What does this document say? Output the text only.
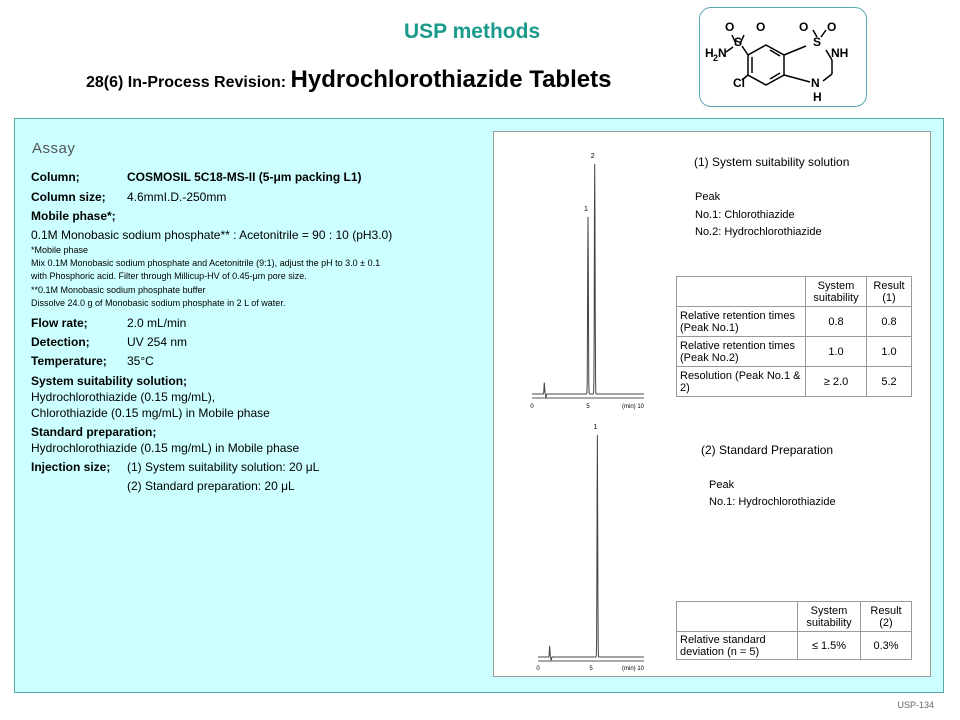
USP methods
28(6) In-Process Revision: Hydrochlorothiazide Tablets
O O
S
O O
S
H 2 N	NH
Cl	N
H
Assay
Column;	COSMOSIL 5C18-MS-II (5-μm packing L1)
Column size; 4.6mmI.D.-250mm
Mobile phase*;
0.1M Monobasic sodium phosphate** : Acetonitrile = 90 : 10 (pH3.0)
*Mobile phase
Mix 0.1M Monobasic sodium phosphate and Acetonitrile (9:1), adjust the pH to 3.0 ± 0.1
with Phosphoric acid. Filter through Millicup-HV of 0.45-μm pore size.
**0.1M Monobasic sodium phosphate buffer
Dissolve 24.0 g of Monobasic sodium phosphate in 2 L of water.
Flow rate;	2.0 mL/min
Detection;	UV 254 nm
Temperature; 35°C
System suitability solution;
Hydrochlorothiazide (0.15 mg/mL),
Chlorothiazide (0.15 mg/mL) in Mobile phase
Standard preparation;
Hydrochlorothiazide (0.15 mg/mL) in Mobile phase
Injection size; (1) System suitability solution: 20 μL
(2) Standard preparation: 20 μL
1
2
0	5	(min) 10
1
0	5	(min) 10
(1) System suitability solution
Peak
No.1: Chlorothiazide
No.2: Hydrochlorothiazide
	System suitability	Result (1)
Relative retention times (Peak No.1)	0.8	0.8
Relative retention times (Peak No.2)	1.0	1.0
Resolution (Peak No.1 & 2)	≥ 2.0	5.2
(2) Standard Preparation
Peak
No.1: Hydrochlorothiazide
	System suitability	Result (2)
Relative standard deviation (n = 5)	≤ 1.5%	0.3%
USP-134
